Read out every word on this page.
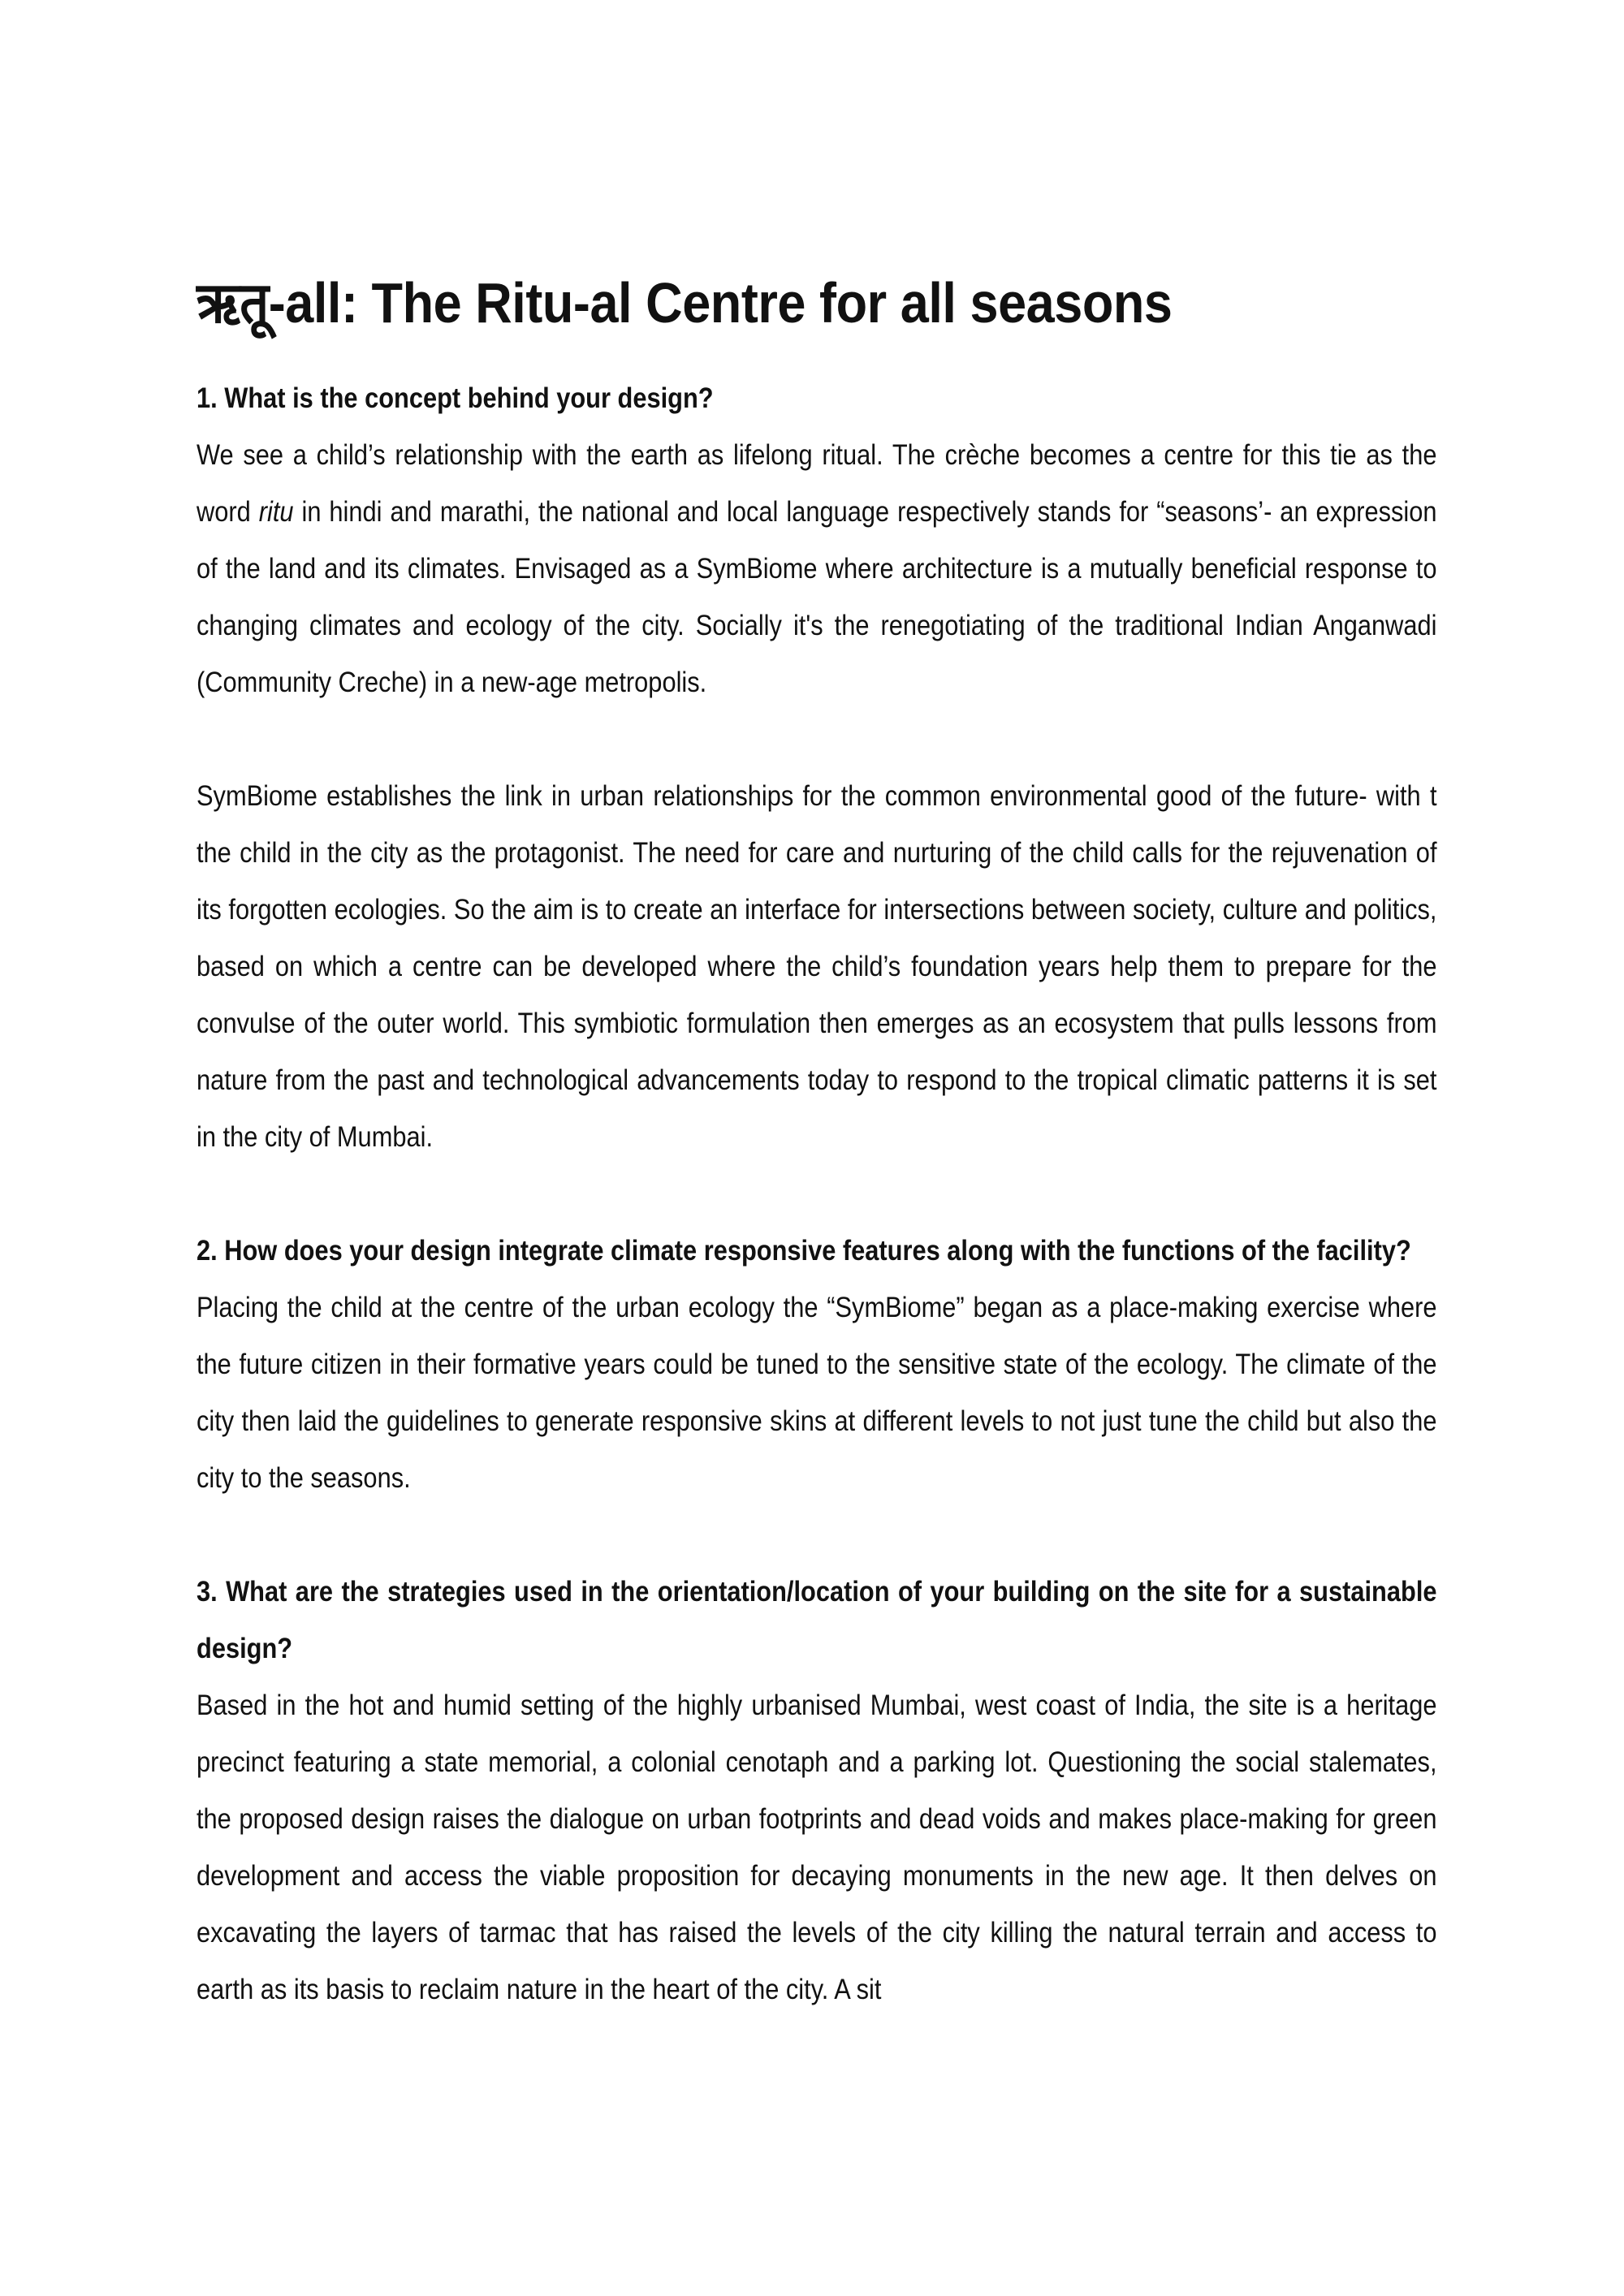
ऋतू-all: The Ritu-al Centre for all seasons

1. What is the concept behind your design?

We see a child’s relationship with the earth as lifelong ritual. The crèche becomes a centre for this tie as the word ritu in hindi and marathi, the national and local language respectively stands for “seasons’- an expression of the land and its climates. Envisaged as a SymBiome where architecture is a mutually beneficial response to changing climates and ecology of the city. Socially it's the renegotiating of the traditional Indian Anganwadi (Community Creche) in a new-age metropolis.

SymBiome establishes the link in urban relationships for the common environmental good of the future- with t the child in the city as the protagonist. The need for care and nurturing of the child calls for the rejuvenation of its forgotten ecologies. So the aim is to create an interface for intersections between society, culture and politics, based on which a centre can be developed where the child’s foundation years help them to prepare for the convulse of the outer world. This symbiotic formulation then emerges as an ecosystem that pulls lessons from nature from the past and technological advancements today to respond to the tropical climatic patterns it is set in the city of Mumbai.

2. How does your design integrate climate responsive features along with the functions of the facility?

Placing the child at the centre of the urban ecology the “SymBiome” began as a place-making exercise where the future citizen in their formative years could be tuned to the sensitive state of the ecology. The climate of the city then laid the guidelines to generate responsive skins at different levels to not just tune the child but also the city to the seasons.

3. What are the strategies used in the orientation/location of your building on the site for a sustainable design?

Based in the hot and humid setting of the highly urbanised Mumbai, west coast of India, the site is a heritage precinct featuring a state memorial, a colonial cenotaph and a parking lot. Questioning the social stalemates, the proposed design raises the dialogue on urban footprints and dead voids and makes place-making for green development and access the viable proposition for decaying monuments in the new age. It then delves on excavating the layers of tarmac that has raised the levels of the city killing the natural terrain and access to earth as its basis to reclaim nature in the heart of the city. A sit
